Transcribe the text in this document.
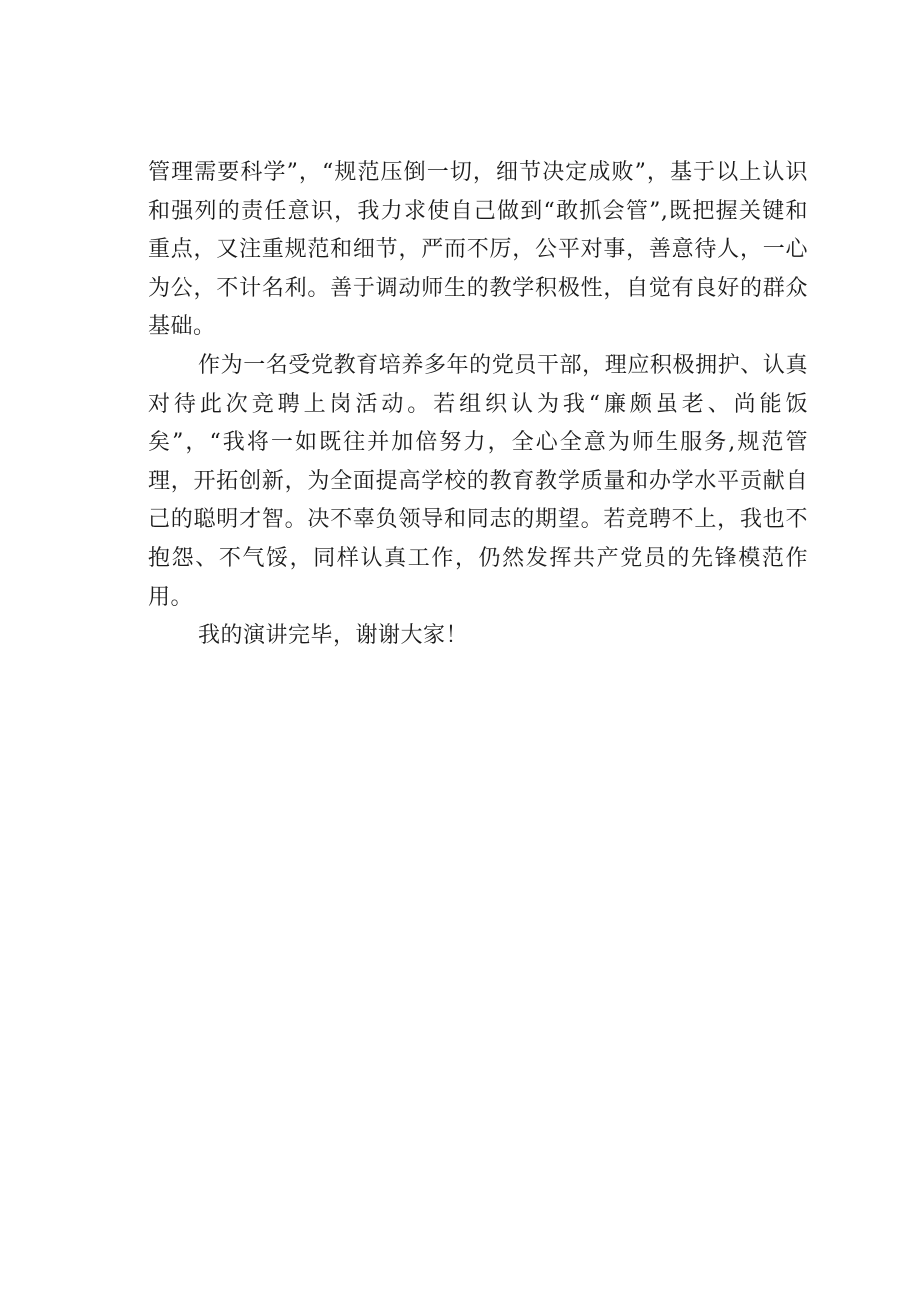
管理需要科学”，“规范压倒一切，细节决定成败”，基于以上认识和强列的责任意识，我力求使自己做到“敢抓会管”,既把握关键和重点，又注重规范和细节，严而不厉，公平对事，善意待人，一心为公，不计名利。善于调动师生的教学积极性，自觉有良好的群众基础。

作为一名受党教育培养多年的党员干部，理应积极拥护、认真对待此次竞聘上岗活动。若组织认为我“廉颇虽老、尚能饭矣”，“我将一如既往并加倍努力，全心全意为师生服务,规范管理，开拓创新，为全面提高学校的教育教学质量和办学水平贡献自己的聪明才智。决不辜负领导和同志的期望。若竞聘不上，我也不抱怨、不气馁，同样认真工作，仍然发挥共产党员的先锋模范作用。

我的演讲完毕，谢谢大家！
